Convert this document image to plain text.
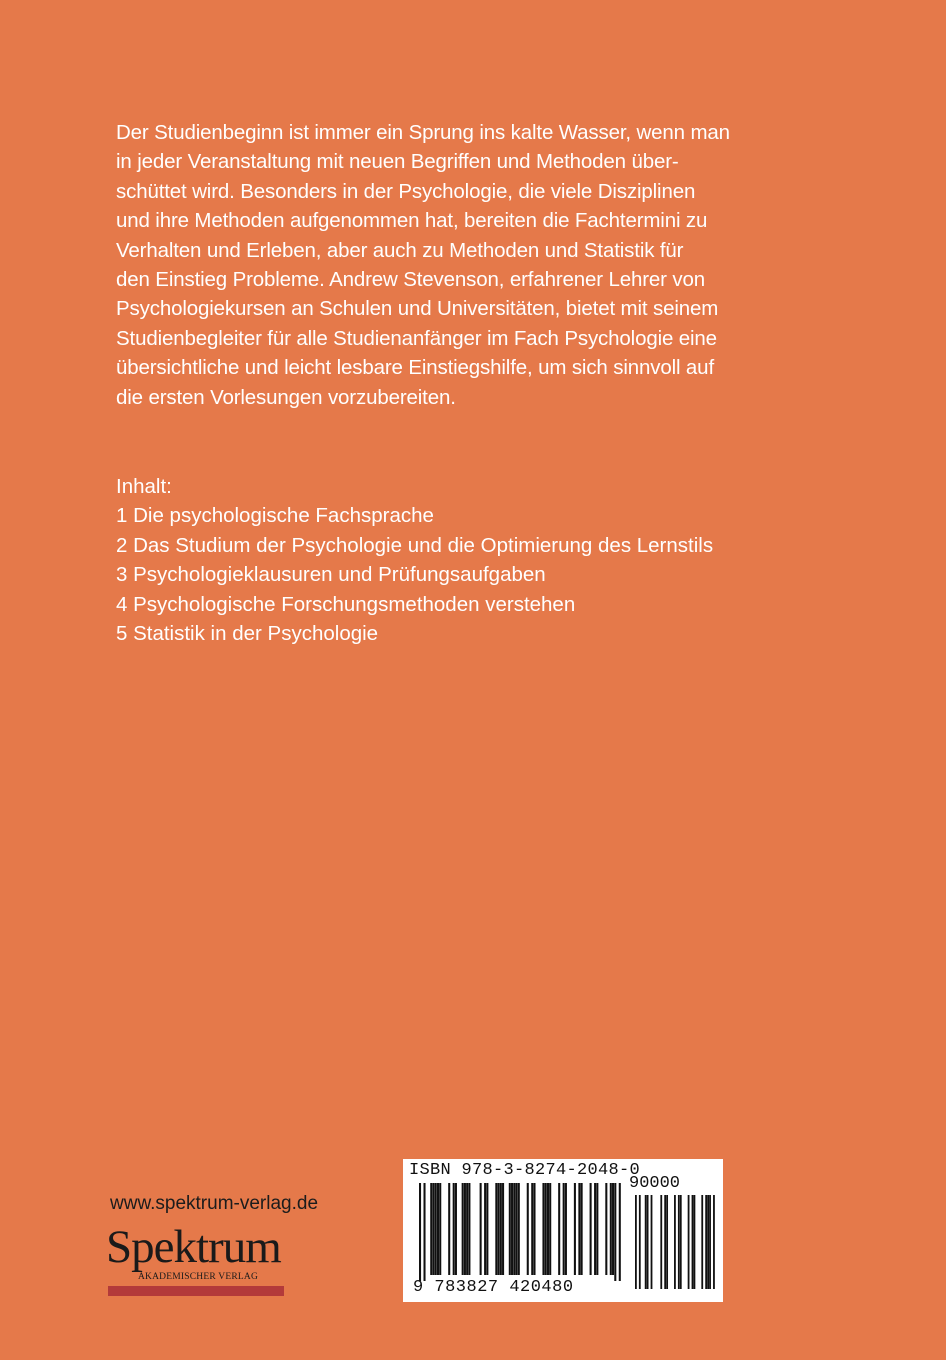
Der Studienbeginn ist immer ein Sprung ins kalte Wasser, wenn man
in jeder Veranstaltung mit neuen Begriffen und Methoden über-
schüttet wird. Besonders in der Psychologie, die viele Disziplinen
und ihre Methoden aufgenommen hat, bereiten die Fachtermini zu
Verhalten und Erleben, aber auch zu Methoden und Statistik für
den Einstieg Probleme. Andrew Stevenson, erfahrener Lehrer von
Psychologiekursen an Schulen und Universitäten, bietet mit seinem
Studienbegleiter für alle Studienanfänger im Fach Psychologie eine
übersichtliche und leicht lesbare Einstiegshilfe, um sich sinnvoll auf
die ersten Vorlesungen vorzubereiten.
Inhalt:
1 Die psychologische Fachsprache
2 Das Studium der Psychologie und die Optimierung des Lernstils
3 Psychologieklausuren und Prüfungsaufgaben
4 Psychologische Forschungsmethoden verstehen
5 Statistik in der Psychologie
www.spektrum-verlag.de
Spektrum
AKADEMISCHER VERLAG
ISBN 978-3-8274-2048-0
90000
9 783827 420480
